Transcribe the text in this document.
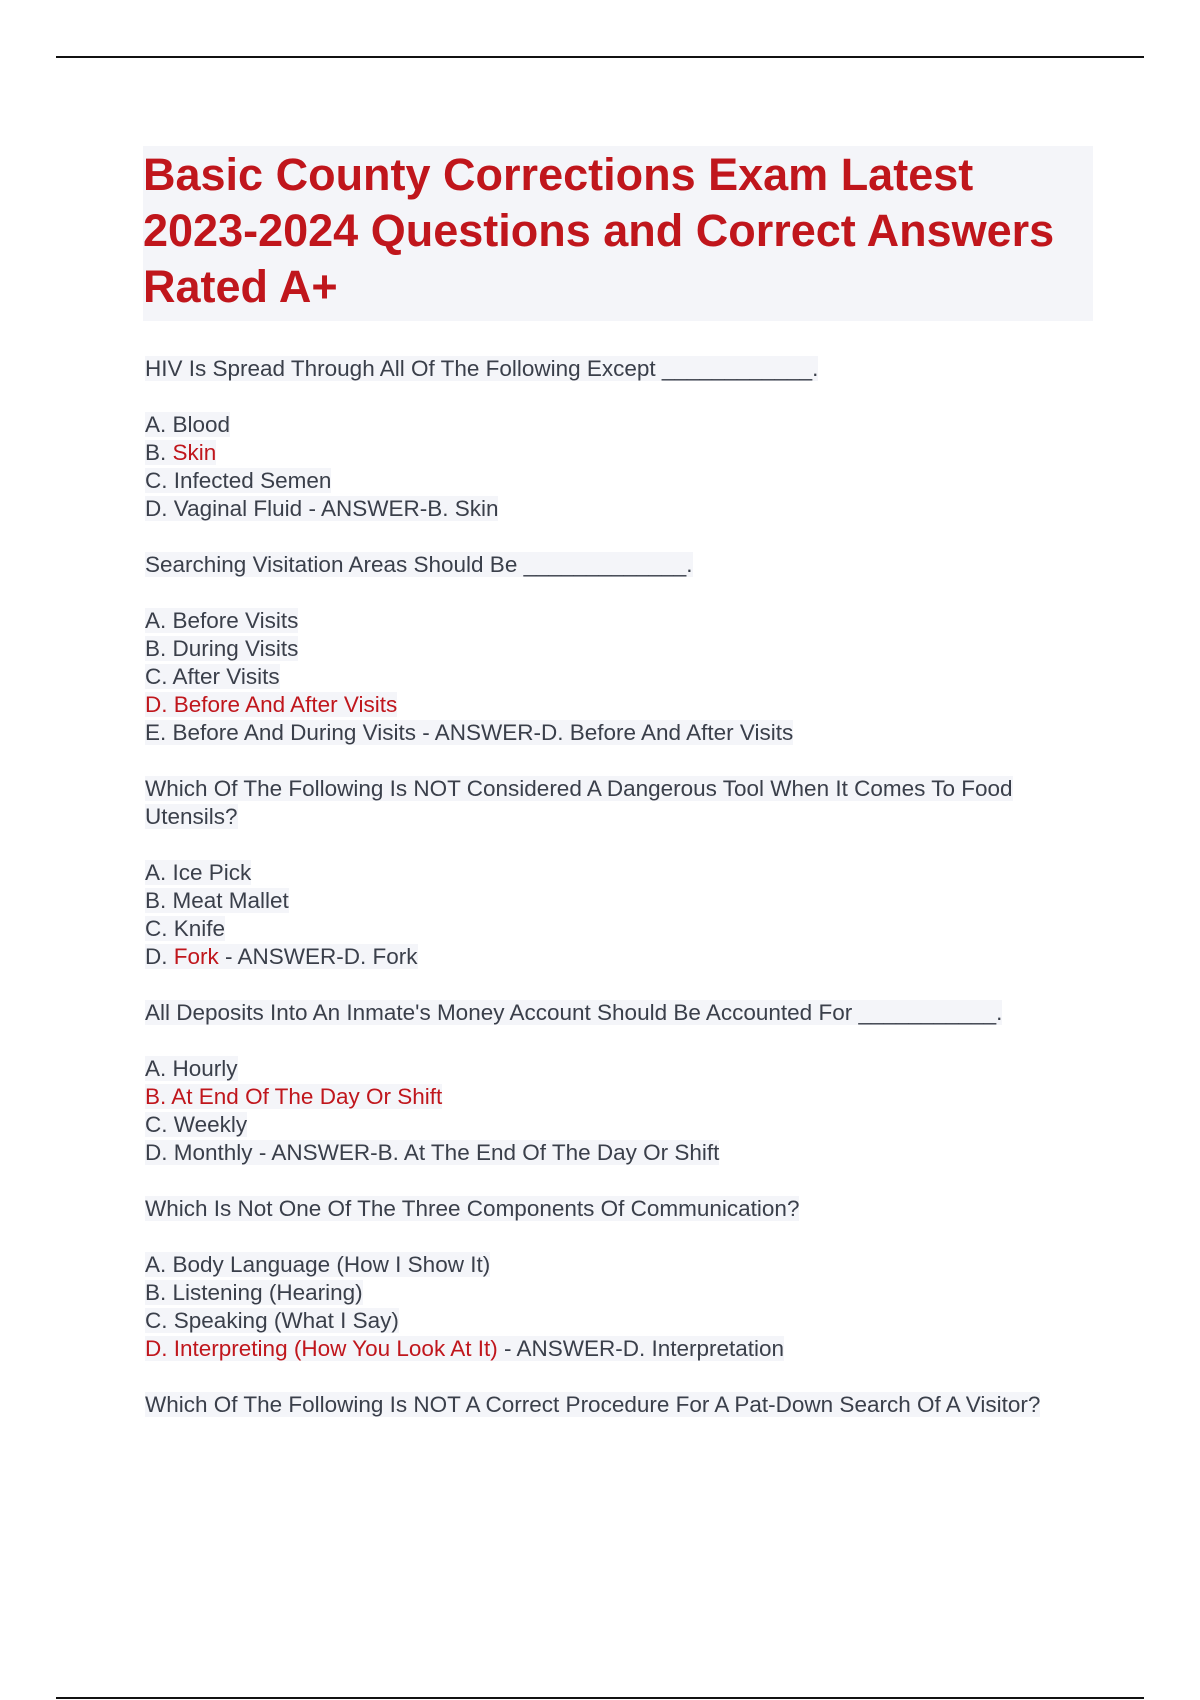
Basic County Corrections Exam Latest 2023-2024 Questions and Correct Answers Rated A+

HIV Is Spread Through All Of The Following Except ____________.

A. Blood
B. Skin
C. Infected Semen
D. Vaginal Fluid - ANSWER-B. Skin

Searching Visitation Areas Should Be _____________.

A. Before Visits
B. During Visits
C. After Visits
D. Before And After Visits
E. Before And During Visits - ANSWER-D. Before And After Visits

Which Of The Following Is NOT Considered A Dangerous Tool When It Comes To Food Utensils?

A. Ice Pick
B. Meat Mallet
C. Knife
D. Fork - ANSWER-D. Fork

All Deposits Into An Inmate's Money Account Should Be Accounted For ___________.

A. Hourly
B. At End Of The Day Or Shift
C. Weekly
D. Monthly - ANSWER-B. At The End Of The Day Or Shift

Which Is Not One Of The Three Components Of Communication?

A. Body Language (How I Show It)
B. Listening (Hearing)
C. Speaking (What I Say)
D. Interpreting (How You Look At It) - ANSWER-D. Interpretation

Which Of The Following Is NOT A Correct Procedure For A Pat-Down Search Of A Visitor?
